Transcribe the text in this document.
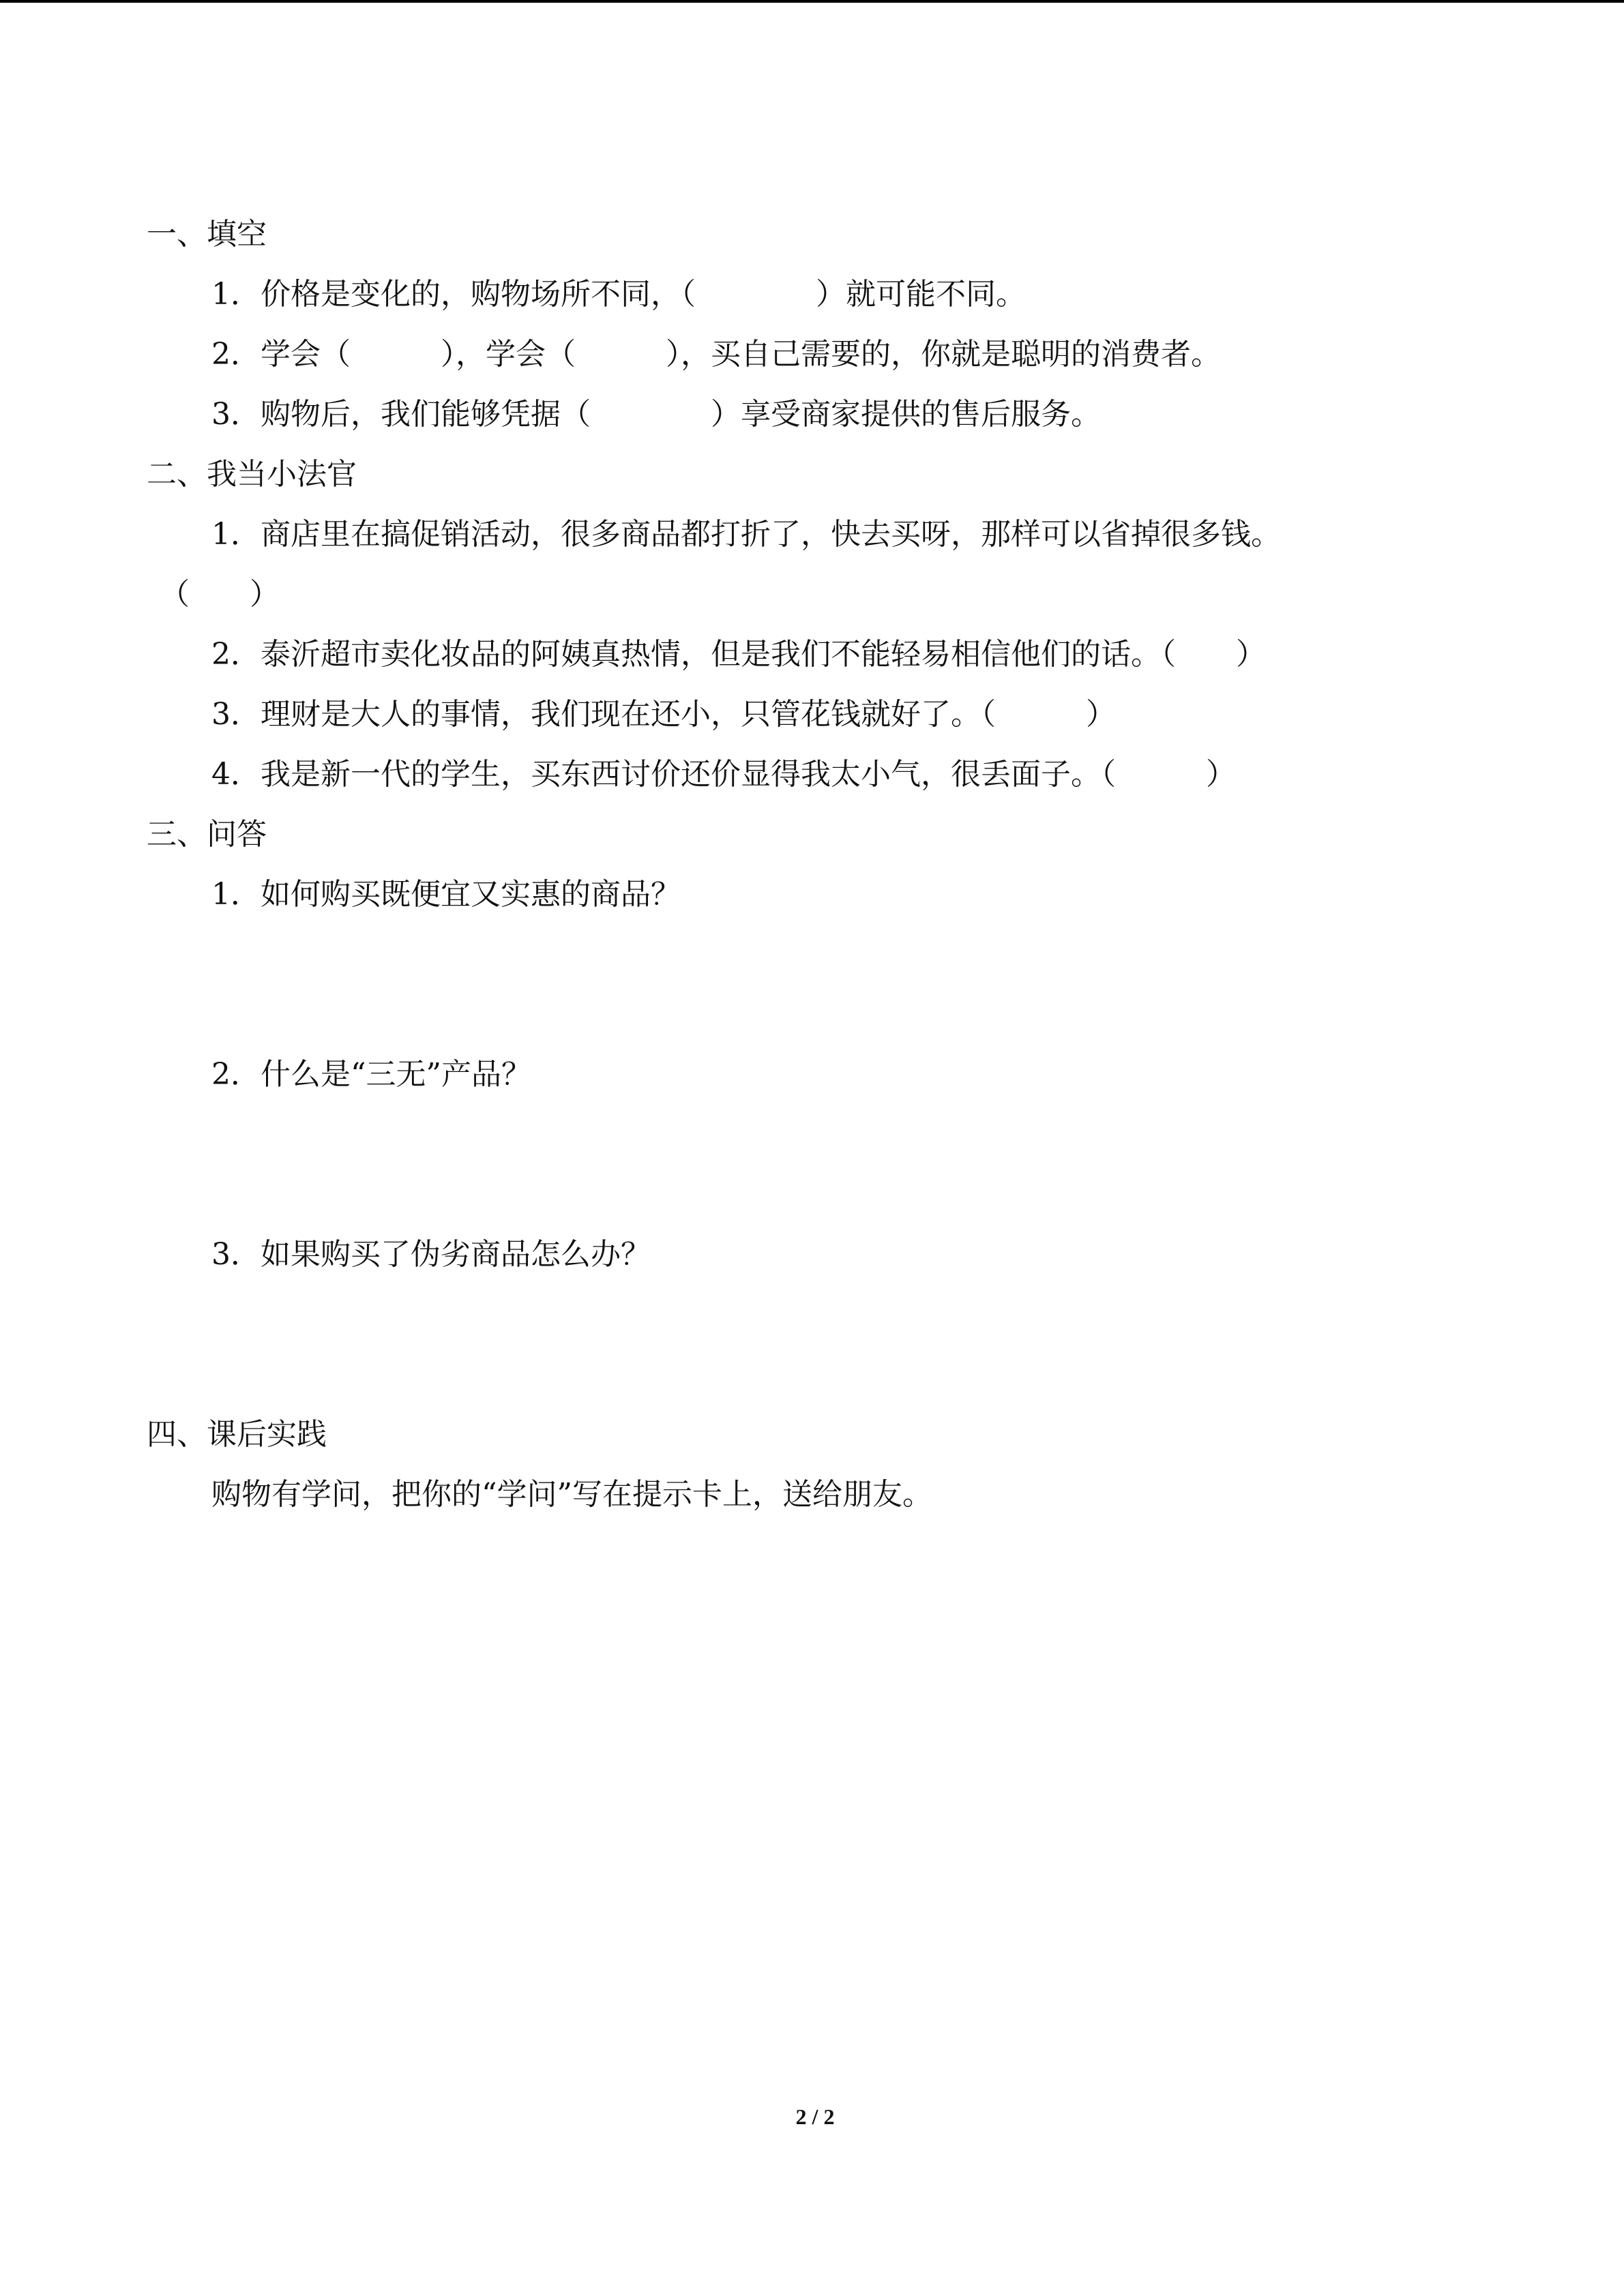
一、填空
1．价格是变化的，购物场所不同，（　　　　）就可能不同。
2．学会（　　　），学会（　　　），买自己需要的，你就是聪明的消费者。
3．购物后，我们能够凭据（　　　　）享受商家提供的售后服务。
二、我当小法官
1．商店里在搞促销活动，很多商品都打折了，快去买呀，那样可以省掉很多钱。
（　　）
2．泰沂超市卖化妆品的阿姨真热情，但是我们不能轻易相信他们的话。（　　）
3．理财是大人的事情，我们现在还小，只管花钱就好了。（　　　）
4．我是新一代的学生，买东西讨价还价显得我太小气，很丢面子。（　　　）
三、问答
1．如何购买既便宜又实惠的商品？
2．什么是“三无”产品？
3．如果购买了伪劣商品怎么办？
四、课后实践
购物有学问，把你的“学问”写在提示卡上，送给朋友。
2 / 2
